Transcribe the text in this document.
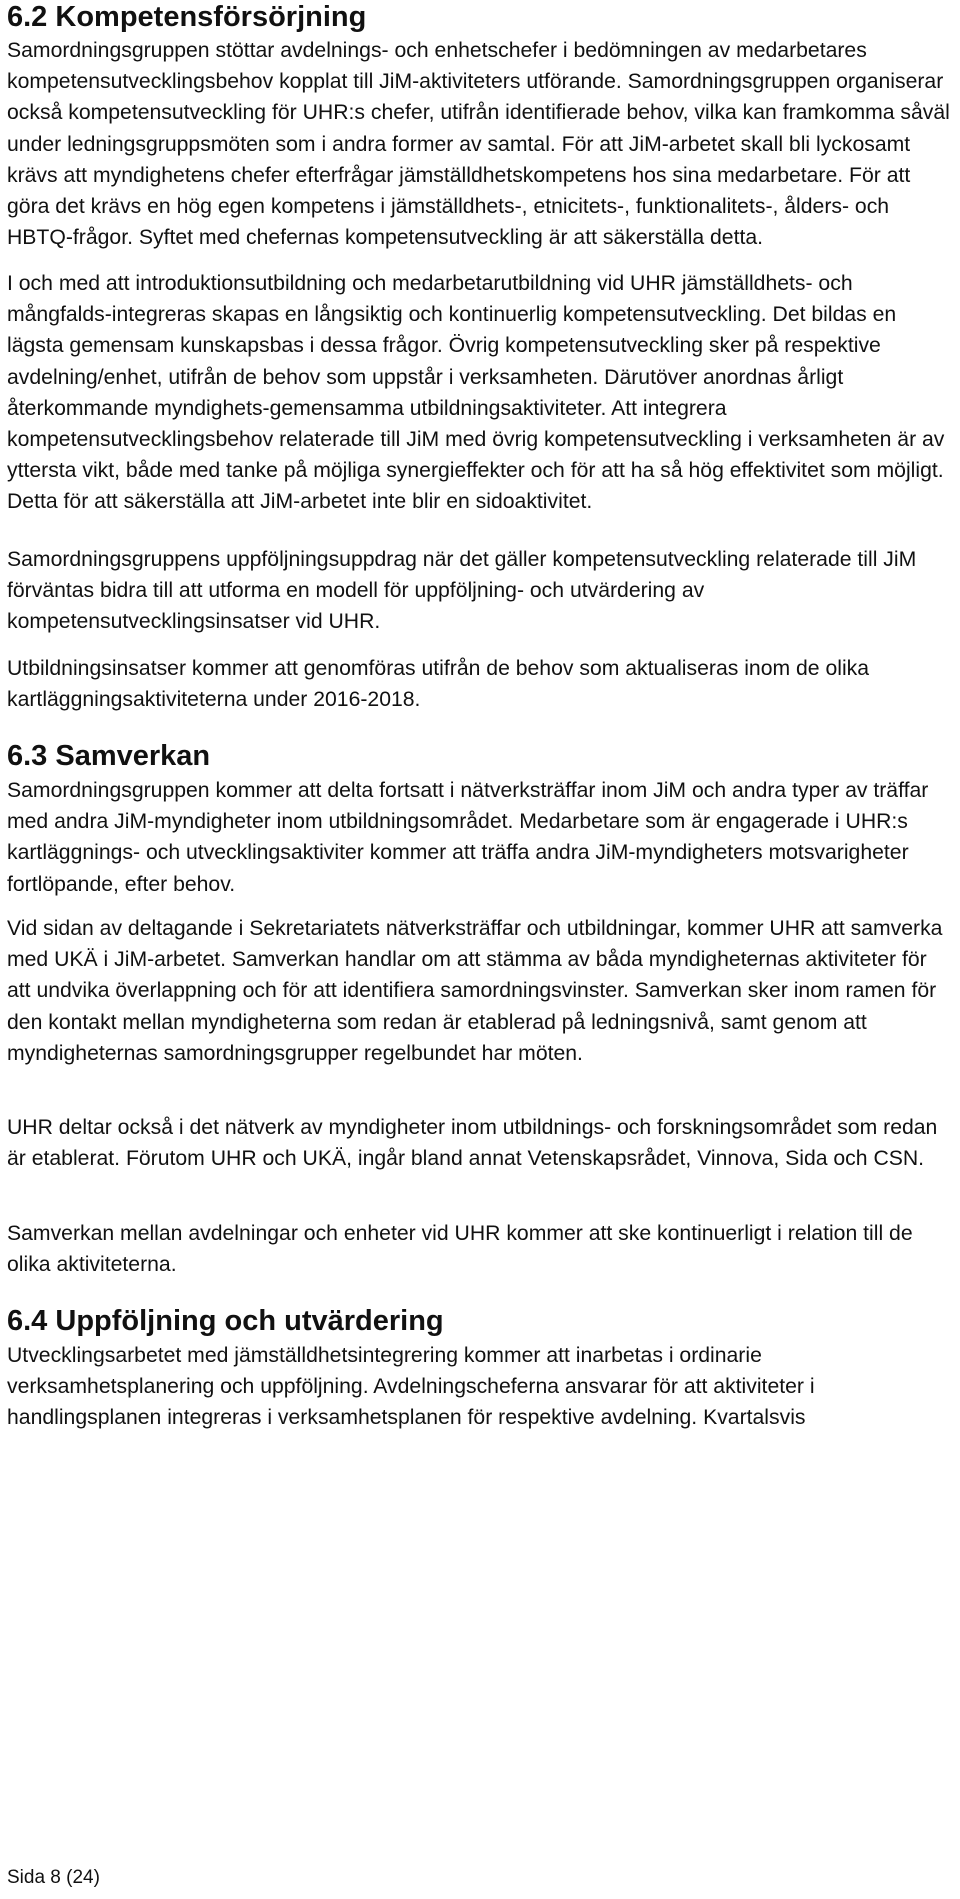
6.2 Kompetensförsörjning

Samordningsgruppen stöttar avdelnings- och enhetschefer i bedömningen av medarbetares kompetensutvecklingsbehov kopplat till JiM-aktiviteters utförande. Samordningsgruppen organiserar också kompetensutveckling för UHR:s chefer, utifrån identifierade behov, vilka kan framkomma såväl under ledningsgruppsmöten som i andra former av samtal. För att JiM-arbetet skall bli lyckosamt krävs att myndighetens chefer efterfrågar jämställdhetskompetens hos sina medarbetare. För att göra det krävs en hög egen kompetens i jämställdhets-, etnicitets-, funktionalitets-, ålders- och HBTQ-frågor. Syftet med chefernas kompetensutveckling är att säkerställa detta.

I och med att introduktionsutbildning och medarbetarutbildning vid UHR jämställdhets- och mångfalds-integreras skapas en långsiktig och kontinuerlig kompetensutveckling. Det bildas en lägsta gemensam kunskapsbas i dessa frågor. Övrig kompetensutveckling sker på respektive avdelning/enhet, utifrån de behov som uppstår i verksamheten. Därutöver anordnas årligt återkommande myndighets-gemensamma utbildningsaktiviteter. Att integrera kompetensutvecklingsbehov relaterade till JiM med övrig kompetensutveckling i verksamheten är av yttersta vikt, både med tanke på möjliga synergieffekter och för att ha så hög effektivitet som möjligt. Detta för att säkerställa att JiM-arbetet inte blir en sidoaktivitet.

Samordningsgruppens uppföljningsuppdrag när det gäller kompetensutveckling relaterade till JiM förväntas bidra till att utforma en modell för uppföljning- och utvärdering av kompetensutvecklingsinsatser vid UHR.

Utbildningsinsatser kommer att genomföras utifrån de behov som aktualiseras inom de olika kartläggningsaktiviteterna under 2016-2018.

6.3 Samverkan

Samordningsgruppen kommer att delta fortsatt i nätverksträffar inom JiM och andra typer av träffar med andra JiM-myndigheter inom utbildningsområdet. Medarbetare som är engagerade i UHR:s kartläggnings- och utvecklingsaktiviter kommer att träffa andra JiM-myndigheters motsvarigheter fortlöpande, efter behov.

Vid sidan av deltagande i Sekretariatets nätverksträffar och utbildningar, kommer UHR att samverka med UKÄ i JiM-arbetet. Samverkan handlar om att stämma av båda myndigheternas aktiviteter för att undvika överlappning och för att identifiera samordningsvinster. Samverkan sker inom ramen för den kontakt mellan myndigheterna som redan är etablerad på ledningsnivå, samt genom att myndigheternas samordningsgrupper regelbundet har möten.

UHR deltar också i det nätverk av myndigheter inom utbildnings- och forskningsområdet som redan är etablerat. Förutom UHR och UKÄ, ingår bland annat Vetenskapsrådet, Vinnova, Sida och CSN.

Samverkan mellan avdelningar och enheter vid UHR kommer att ske kontinuerligt i relation till de olika aktiviteterna.

6.4 Uppföljning och utvärdering

Utvecklingsarbetet med jämställdhetsintegrering kommer att inarbetas i ordinarie verksamhetsplanering och uppföljning. Avdelningscheferna ansvarar för att aktiviteter i handlingsplanen integreras i verksamhetsplanen för respektive avdelning. Kvartalsvis

Sida 8 (24)
